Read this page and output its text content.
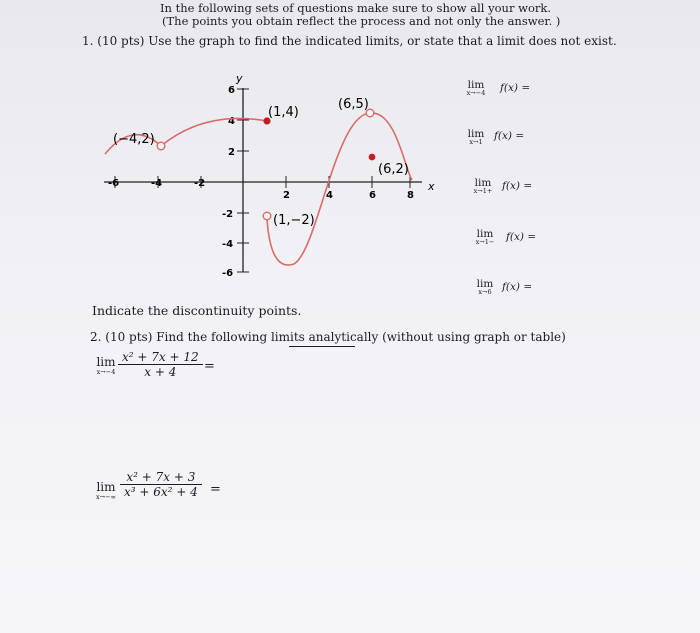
In the following sets of questions make sure to show all your work.
(The points you obtain reflect the process and not only the answer. )
1. (10 pts) Use the graph to find the indicated limits, or state that a limit does not exist.
y
x
-6	-4	-2
2	4	6	8
6
4
2
-2
-4
-6
(−4,2)
(1,4)
(6,5)
(6,2)
(1,−2)
lim
x→−4	f(x) =
lim
x→1	f(x) =
lim
x→1+ f(x) =
lim
x→1−	f(x) =
lim
x→6 f(x) =
Indicate the discontinuity points.
2. (10 pts) Find the following limits analytically (without using graph or table)
lim
$x\to-4 \frac{\text{x² + 7x + 12}}{x + 4}$ =
lim
$x\to-\infty \frac{\text{x² + 7x + 3}}{\text{x³ + 6x² + 4}}$ =
